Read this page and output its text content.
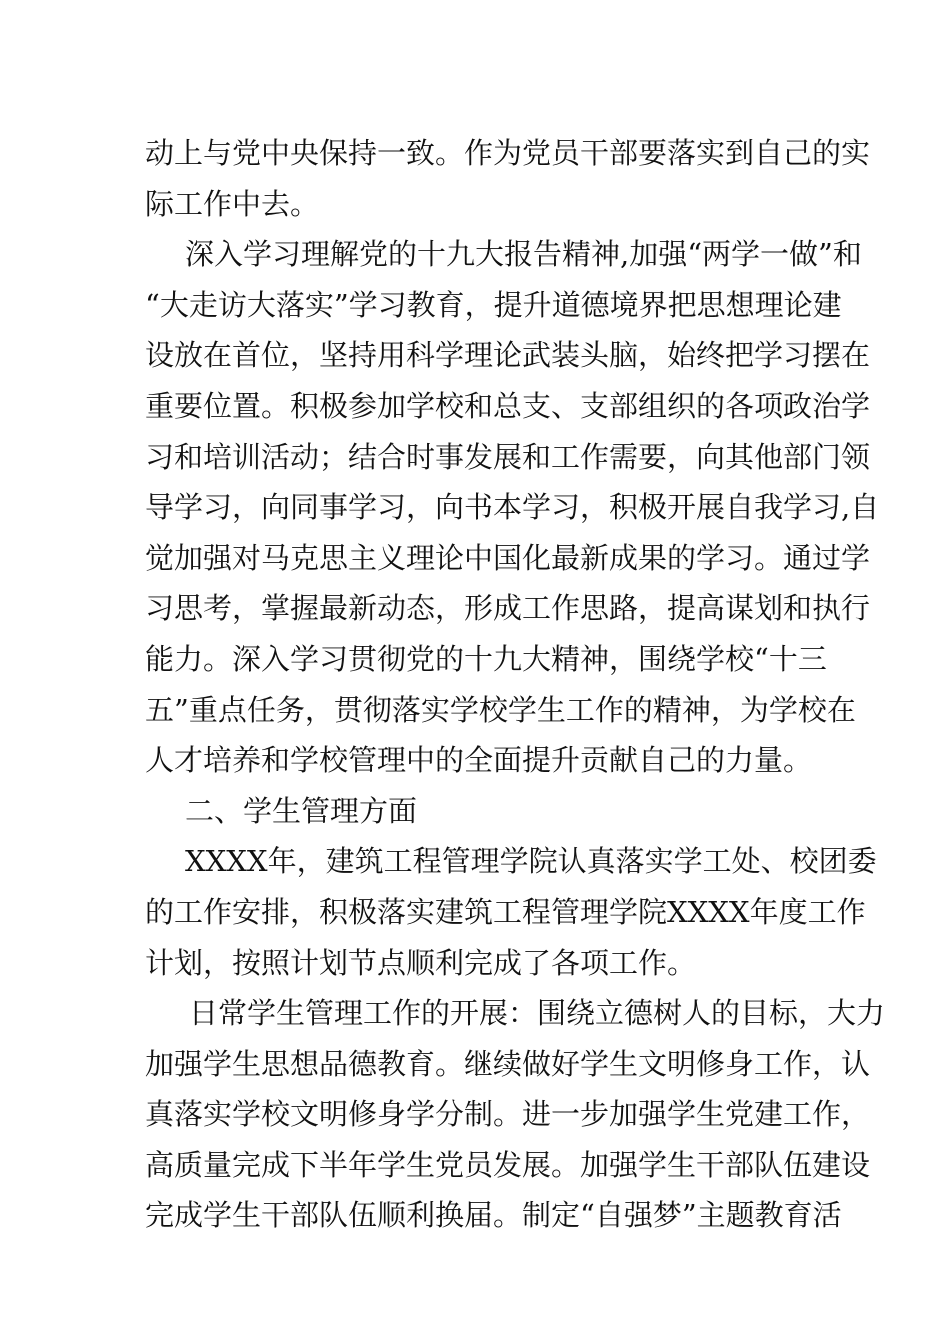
动上与党中央保持一致。作为党员干部要落实到自己的实
际工作中去。
深入学习理解党的十九大报告精神,加强“两学一做”和
“大走访大落实”学习教育，提升道德境界把思想理论建
设放在首位，坚持用科学理论武装头脑，始终把学习摆在
重要位置。积极参加学校和总支、支部组织的各项政治学
习和培训活动；结合时事发展和工作需要，向其他部门领
导学习，向同事学习，向书本学习，积极开展自我学习,自
觉加强对马克思主义理论中国化最新成果的学习。通过学
习思考，掌握最新动态，形成工作思路，提高谋划和执行
能力。深入学习贯彻党的十九大精神，围绕学校“十三
五”重点任务，贯彻落实学校学生工作的精神，为学校在
人才培养和学校管理中的全面提升贡献自己的力量。
二、学生管理方面
XXXX年，建筑工程管理学院认真落实学工处、校团委
的工作安排，积极落实建筑工程管理学院XXXX年度工作
计划，按照计划节点顺利完成了各项工作。
日常学生管理工作的开展：围绕立德树人的目标，大力
加强学生思想品德教育。继续做好学生文明修身工作，认
真落实学校文明修身学分制。进一步加强学生党建工作，
高质量完成下半年学生党员发展。加强学生干部队伍建设
完成学生干部队伍顺利换届。制定“自强梦”主题教育活
